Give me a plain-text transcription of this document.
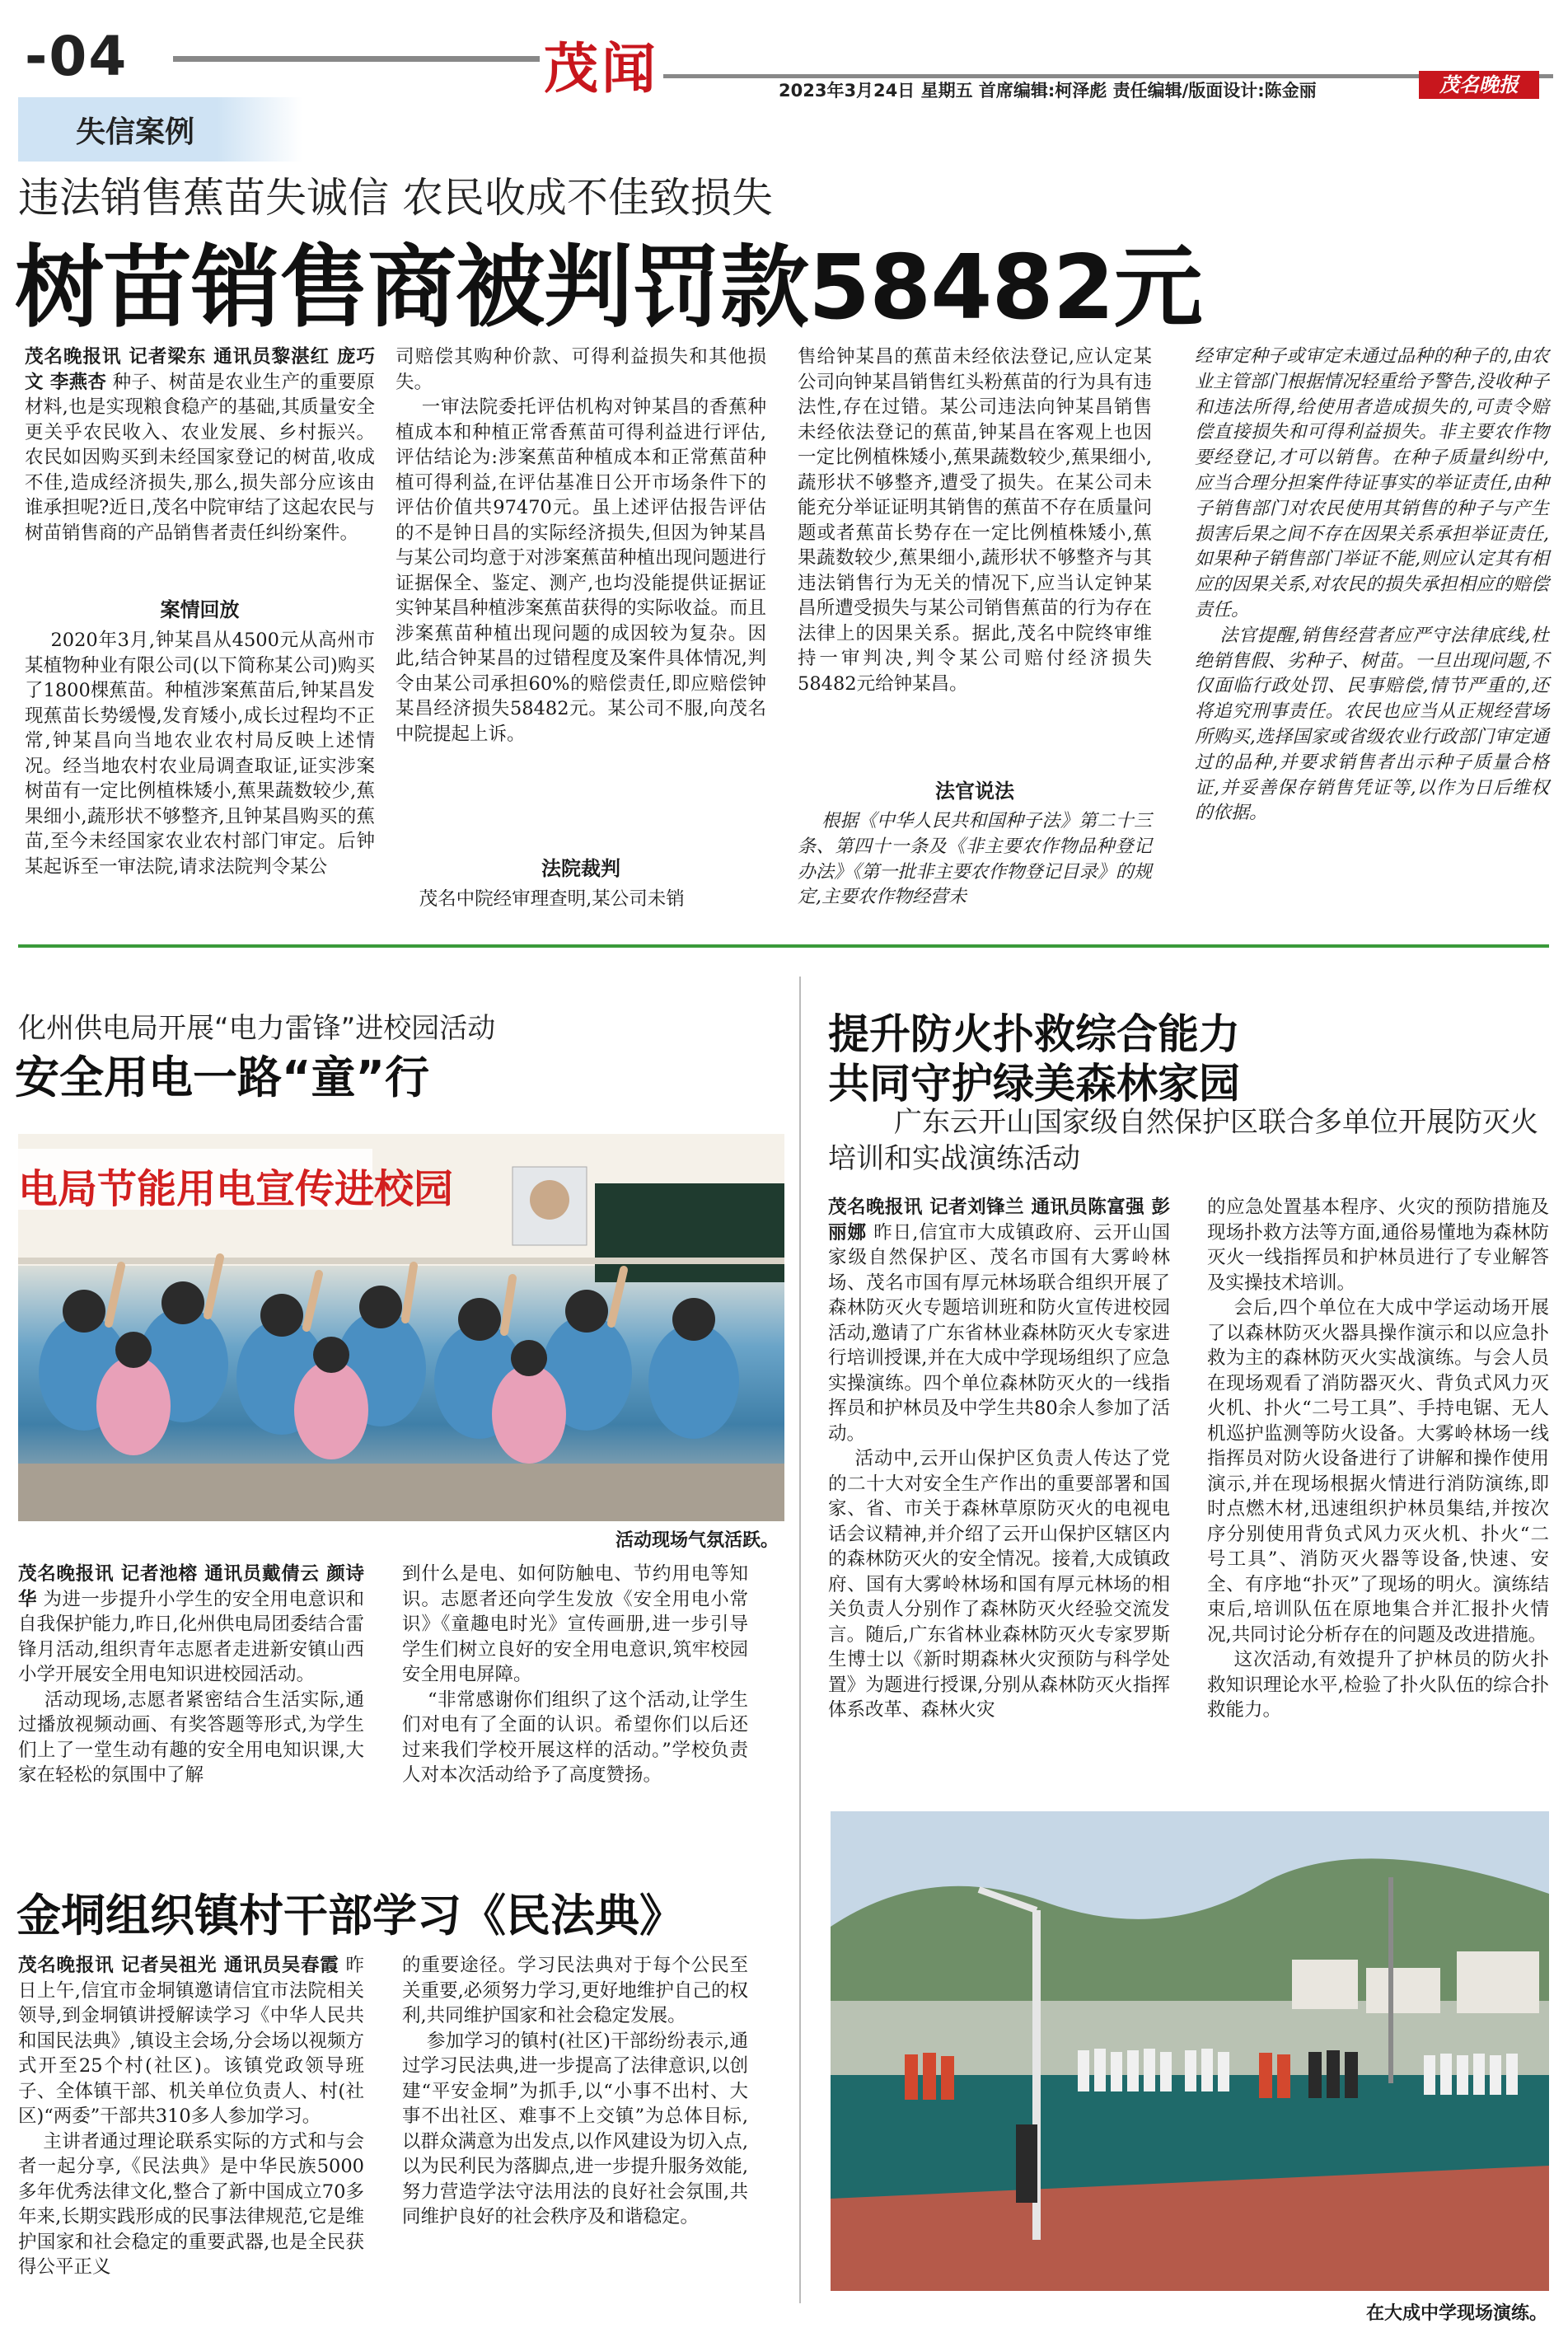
-04	茂闻	2023年3月24日 星期五 首席编辑:柯泽彪 责任编辑/版面设计:陈金丽	茂名晚报
失信案例
违法销售蕉苗失诚信 农民收成不佳致损失
树苗销售商被判罚款58482元
茂名晚报讯 记者梁东 通讯员黎湛红 庞巧文 李燕杏 种子、树苗是农业生产的重要原材料,也是实现粮食稳产的基础,其质量安全更关乎农民收入、农业发展、乡村振兴。农民如因购买到未经国家登记的树苗,收成不佳,造成经济损失,那么,损失部分应该由谁承担呢?近日,茂名中院审结了这起农民与树苗销售商的产品销售者责任纠纷案件。
案情回放
2020年3月,钟某昌从4500元从高州市某植物种业有限公司(以下简称某公司)购买了1800棵蕉苗。种植涉案蕉苗后,钟某昌发现蕉苗长势缓慢,发育矮小,成长过程均不正常,钟某昌向当地农业农村局反映上述情况。经当地农村农业局调查取证,证实涉案树苗有一定比例植株矮小,蕉果蔬数较少,蕉果细小,蔬形状不够整齐,且钟某昌购买的蕉苗,至今未经国家农业农村部门审定。后钟某起诉至一审法院,请求法院判令某公
司赔偿其购种价款、可得利益损失和其他损失。
一审法院委托评估机构对钟某昌的香蕉种植成本和种植正常香蕉苗可得利益进行评估,评估结论为:涉案蕉苗种植成本和正常蕉苗种植可得利益,在评估基准日公开市场条件下的评估价值共97470元。虽上述评估报告评估的不是钟日昌的实际经济损失,但因为钟某昌与某公司均意于对涉案蕉苗种植出现问题进行证据保全、鉴定、测产,也均没能提供证据证实钟某昌种植涉案蕉苗获得的实际收益。而且涉案蕉苗种植出现问题的成因较为复杂。因此,结合钟某昌的过错程度及案件具体情况,判令由某公司承担60%的赔偿责任,即应赔偿钟某昌经济损失58482元。某公司不服,向茂名中院提起上诉。
法院裁判
茂名中院经审理查明,某公司未销
售给钟某昌的蕉苗未经依法登记,应认定某公司向钟某昌销售红头粉蕉苗的行为具有违法性,存在过错。某公司违法向钟某昌销售未经依法登记的蕉苗,钟某昌在客观上也因一定比例植株矮小,蕉果蔬数较少,蕉果细小,蔬形状不够整齐,遭受了损失。在某公司未能充分举证证明其销售的蕉苗不存在质量问题或者蕉苗长势存在一定比例植株矮小,蕉果蔬数较少,蕉果细小,蔬形状不够整齐与其违法销售行为无关的情况下,应当认定钟某昌所遭受损失与某公司销售蕉苗的行为存在法律上的因果关系。据此,茂名中院终审维持一审判决,判令某公司赔付经济损失58482元给钟某昌。
法官说法
根据《中华人民共和国种子法》第二十三条、第四十一条及《非主要农作物品种登记办法》《第一批非主要农作物登记目录》的规定,主要农作物经营未
经审定种子或审定未通过品种的种子的,由农业主管部门根据情况轻重给予警告,没收种子和违法所得,给使用者造成损失的,可责令赔偿直接损失和可得利益损失。非主要农作物要经登记,才可以销售。在种子质量纠纷中,应当合理分担案件待证事实的举证责任,由种子销售部门对农民使用其销售的种子与产生损害后果之间不存在因果关系承担举证责任,如果种子销售部门举证不能,则应认定其有相应的因果关系,对农民的损失承担相应的赔偿责任。
法官提醒,销售经营者应严守法律底线,杜绝销售假、劣种子、树苗。一旦出现问题,不仅面临行政处罚、民事赔偿,情节严重的,还将追究刑事责任。农民也应当从正规经营场所购买,选择国家或省级农业行政部门审定通过的品种,并要求销售者出示种子质量合格证,并妥善保存销售凭证等,以作为日后维权的依据。
化州供电局开展“电力雷锋”进校园活动
安全用电一路“童”行
电局节能用电宣传进校园
活动现场气氛活跃。
茂名晚报讯 记者池榕 通讯员戴倩云 颜诗华 为进一步提升小学生的安全用电意识和自我保护能力,昨日,化州供电局团委结合雷锋月活动,组织青年志愿者走进新安镇山西小学开展安全用电知识进校园活动。
活动现场,志愿者紧密结合生活实际,通过播放视频动画、有奖答题等形式,为学生们上了一堂生动有趣的安全用电知识课,大家在轻松的氛围中了解
到什么是电、如何防触电、节约用电等知识。志愿者还向学生发放《安全用电小常识》《童趣电时光》宣传画册,进一步引导学生们树立良好的安全用电意识,筑牢校园安全用电屏障。
“非常感谢你们组织了这个活动,让学生们对电有了全面的认识。希望你们以后还过来我们学校开展这样的活动。”学校负责人对本次活动给予了高度赞扬。
金垌组织镇村干部学习《民法典》
茂名晚报讯 记者吴祖光 通讯员吴春霞 昨日上午,信宜市金垌镇邀请信宜市法院相关领导,到金垌镇讲授解读学习《中华人民共和国民法典》,镇设主会场,分会场以视频方式开至25个村(社区)。该镇党政领导班子、全体镇干部、机关单位负责人、村(社区)“两委”干部共310多人参加学习。
主讲者通过理论联系实际的方式和与会者一起分享,《民法典》是中华民族5000多年优秀法律文化,整合了新中国成立70多年来,长期实践形成的民事法律规范,它是维护国家和社会稳定的重要武器,也是全民获得公平正义
的重要途径。学习民法典对于每个公民至关重要,必须努力学习,更好地维护自己的权利,共同维护国家和社会稳定发展。
参加学习的镇村(社区)干部纷纷表示,通过学习民法典,进一步提高了法律意识,以创建“平安金垌”为抓手,以“小事不出村、大事不出社区、难事不上交镇”为总体目标,以群众满意为出发点,以作风建设为切入点,以为民利民为落脚点,进一步提升服务效能,努力营造学法守法用法的良好社会氛围,共同维护良好的社会秩序及和谐稳定。
提升防火扑救综合能力
共同守护绿美森林家园
广东云开山国家级自然保护区联合多单位开展防灭火培训和实战演练活动
茂名晚报讯 记者刘锋兰 通讯员陈富强 彭丽娜 昨日,信宜市大成镇政府、云开山国家级自然保护区、茂名市国有大雾岭林场、茂名市国有厚元林场联合组织开展了森林防灭火专题培训班和防火宣传进校园活动,邀请了广东省林业森林防灭火专家进行培训授课,并在大成中学现场组织了应急实操演练。四个单位森林防灭火的一线指挥员和护林员及中学生共80余人参加了活动。
活动中,云开山保护区负责人传达了党的二十大对安全生产作出的重要部署和国家、省、市关于森林草原防灭火的电视电话会议精神,并介绍了云开山保护区辖区内的森林防灭火的安全情况。接着,大成镇政府、国有大雾岭林场和国有厚元林场的相关负责人分别作了森林防灭火经验交流发言。随后,广东省林业森林防灭火专家罗斯生博士以《新时期森林火灾预防与科学处置》为题进行授课,分别从森林防灭火指挥体系改革、森林火灾
的应急处置基本程序、火灾的预防措施及现场扑救方法等方面,通俗易懂地为森林防灭火一线指挥员和护林员进行了专业解答及实操技术培训。
会后,四个单位在大成中学运动场开展了以森林防灭火器具操作演示和以应急扑救为主的森林防灭火实战演练。与会人员在现场观看了消防器灭火、背负式风力灭火机、扑火“二号工具”、手持电锯、无人机巡护监测等防火设备。大雾岭林场一线指挥员对防火设备进行了讲解和操作使用演示,并在现场根据火情进行消防演练,即时点燃木材,迅速组织护林员集结,并按次序分别使用背负式风力灭火机、扑火“二号工具”、消防灭火器等设备,快速、安全、有序地“扑灭”了现场的明火。演练结束后,培训队伍在原地集合并汇报扑火情况,共同讨论分析存在的问题及改进措施。
这次活动,有效提升了护林员的防火扑救知识理论水平,检验了扑火队伍的综合扑救能力。
在大成中学现场演练。
